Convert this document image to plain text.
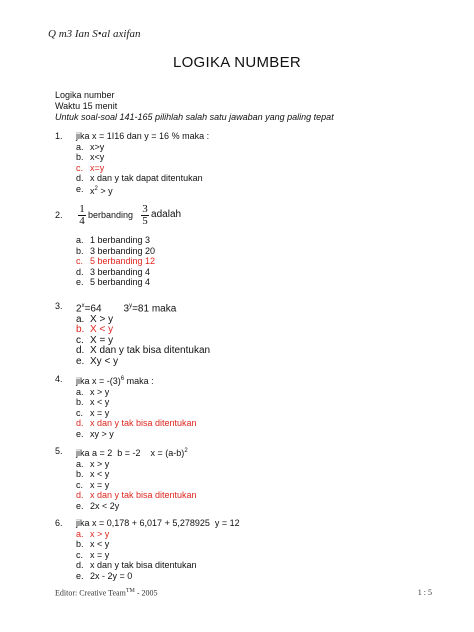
Q m3 Ian S•al axifan
LOGIKA NUMBER
Logika number
Waktu 15 menit
Untuk soal-soal 141-165 pilihlah salah satu jawaban yang paling tepat
1.	jika x = 1I16 dan y = 16 % maka :
a. x>y
b. x<y
c. x=y
d. x dan y tak dapat ditentukan
e. $x^2 > y$
2.	$\frac{1}{4}$ berbanding $\frac{3}{5}$ adalah
a. 1 berbanding 3
b. 3 berbanding 20
c. 5 berbanding 12
d. 3 berbanding 4
e. 5 berbanding 4
3.	$2^x=64$ $3^y=81$ maka
a. X > y
b. X < y
c. X = y
d. X dan y tak bisa ditentukan
e. Xy < y
4.	jika $x = -(3)^6$ maka :
a. x > y
b. x < y
c. x = y
d. x dan y tak bisa ditentukan
e. xy > y
5.	jika a = 2  b = -2    $x = (a-b)^2$
a. x > y
b. x < y
c. x = y
d. x dan y tak bisa ditentukan
e. 2x < 2y
6.	jika x = 0,178 + 6,017 + 5,278925  y = 12
a. x > y
b. x < y
c. x = y
d. x dan y tak bisa ditentukan
e. 2x - 2y = 0
Editor: Creative Team™ - 2005	1 : 5
